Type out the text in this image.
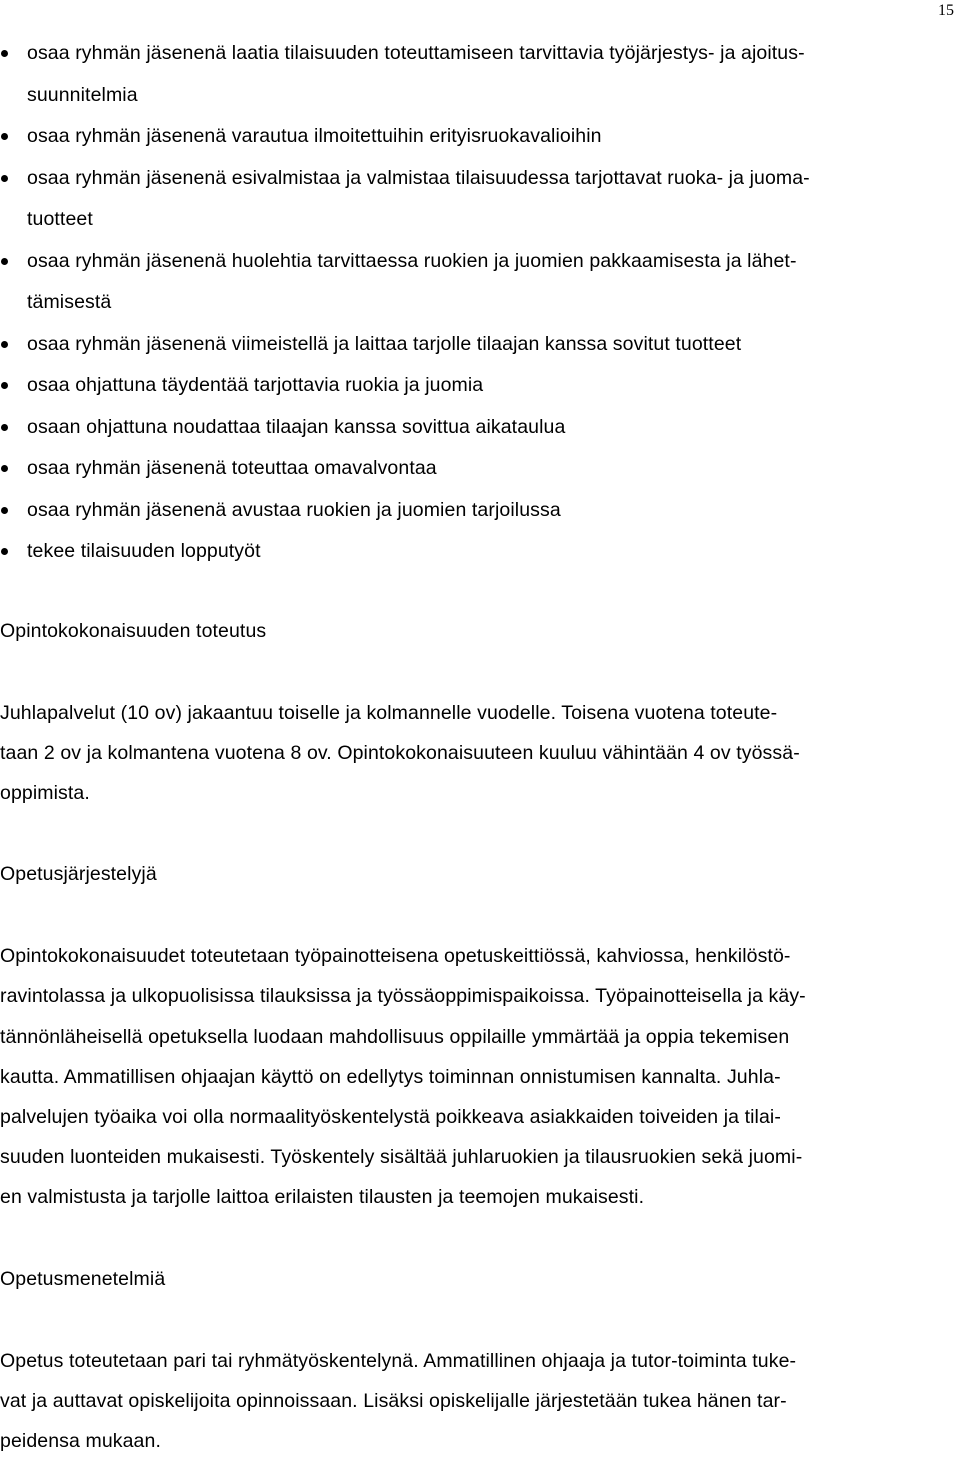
15
osaa ryhmän jäsenenä laatia tilaisuuden toteuttamiseen tarvittavia työjärjestys- ja ajoitus-
suunnitelmia
osaa ryhmän jäsenenä varautua ilmoitettuihin erityisruokavalioihin
osaa ryhmän jäsenenä esivalmistaa ja valmistaa tilaisuudessa tarjottavat ruoka- ja juoma-
tuotteet
osaa ryhmän jäsenenä huolehtia tarvittaessa ruokien ja juomien pakkaamisesta ja lähet-
tämisestä
osaa ryhmän jäsenenä viimeistellä ja laittaa tarjolle tilaajan kanssa sovitut tuotteet
osaa ohjattuna täydentää tarjottavia ruokia ja juomia
osaan ohjattuna noudattaa tilaajan kanssa sovittua aikataulua
osaa ryhmän jäsenenä toteuttaa omavalvontaa
osaa ryhmän jäsenenä avustaa ruokien ja juomien tarjoilussa
tekee tilaisuuden lopputyöt
Opintokokonaisuuden toteutus
Juhlapalvelut (10 ov) jakaantuu toiselle ja kolmannelle vuodelle. Toisena vuotena toteute-
taan 2 ov ja kolmantena vuotena 8 ov. Opintokokonaisuuteen kuuluu vähintään 4 ov työssä-
oppimista.
Opetusjärjestelyjä
Opintokokonaisuudet toteutetaan työpainotteisena opetuskeittiössä, kahviossa, henkilöstö-
ravintolassa ja ulkopuolisissa tilauksissa ja työssäoppimispaikoissa. Työpainotteisella ja käy-
tännönläheisellä opetuksella luodaan mahdollisuus oppilaille ymmärtää ja oppia tekemisen
kautta. Ammatillisen ohjaajan käyttö on edellytys toiminnan onnistumisen kannalta. Juhla-
palvelujen työaika voi olla normaalityöskentelystä poikkeava asiakkaiden toiveiden ja tilai-
suuden luonteiden mukaisesti. Työskentely sisältää juhlaruokien ja tilausruokien sekä juomi-
en valmistusta ja tarjolle laittoa erilaisten tilausten ja teemojen mukaisesti.
Opetusmenetelmiä
Opetus toteutetaan pari tai ryhmätyöskentelynä. Ammatillinen ohjaaja ja tutor-toiminta tuke-
vat ja auttavat opiskelijoita opinnoissaan. Lisäksi opiskelijalle järjestetään tukea hänen tar-
peidensa mukaan.
